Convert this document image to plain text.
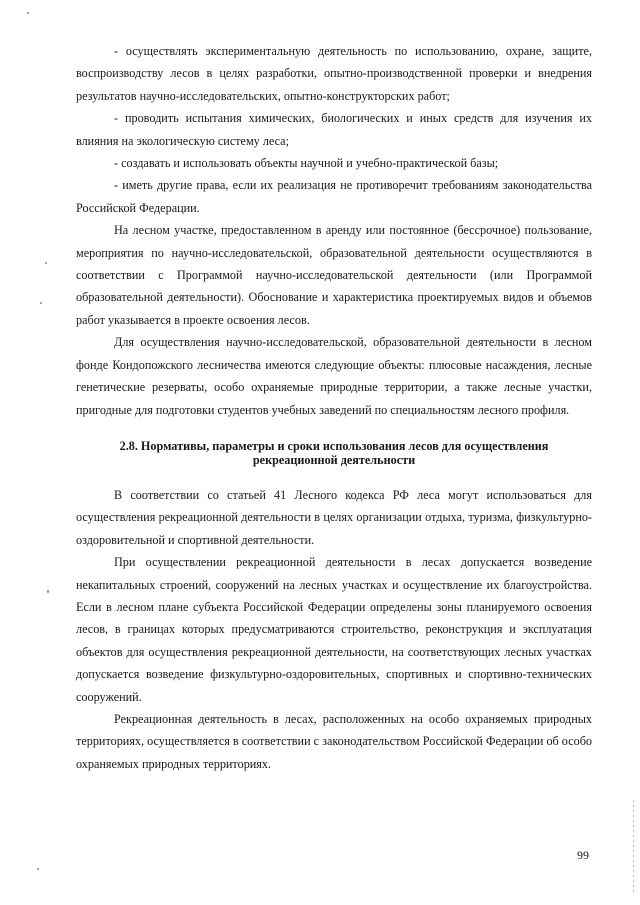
- осуществлять экспериментальную деятельность по использованию, охране, защите, воспроизводству лесов в целях разработки, опытно-производственной проверки и внедрения результатов научно-исследовательских, опытно-конструкторских работ;

- проводить испытания химических, биологических и иных средств для изучения их влияния на экологическую систему леса;

- создавать и использовать объекты научной и учебно-практической базы;

- иметь другие права, если их реализация не противоречит требованиям законодательства Российской Федерации.

На лесном участке, предоставленном в аренду или постоянное (бессрочное) пользование, мероприятия по научно-исследовательской, образовательной деятельности осуществляются в соответствии с Программой научно-исследовательской деятельности (или Программой образовательной деятельности). Обоснование и характеристика проектируемых видов и объемов работ указывается в проекте освоения лесов.

Для осуществления научно-исследовательской, образовательной деятельности в лесном фонде Кондопожского лесничества имеются следующие объекты: плюсовые насаждения, лесные генетические резерваты, особо охраняемые природные территории, а также лесные участки, пригодные для подготовки студентов учебных заведений по специальностям лесного профиля.

2.8. Нормативы, параметры и сроки использования лесов для осуществления
рекреационной деятельности

В соответствии со статьей 41 Лесного кодекса РФ леса могут использоваться для осуществления рекреационной деятельности в целях организации отдыха, туризма, физкультурно-оздоровительной и спортивной деятельности.

При осуществлении рекреационной деятельности в лесах допускается возведение некапитальных строений, сооружений на лесных участках и осуществление их благоустройства. Если в лесном плане субъекта Российской Федерации определены зоны планируемого освоения лесов, в границах которых предусматриваются строительство, реконструкция и эксплуатация объектов для осуществления рекреационной деятельности, на соответствующих лесных участках допускается возведение физкультурно-оздоровительных, спортивных и спортивно-технических сооружений.

Рекреационная деятельность в лесах, расположенных на особо охраняемых природных территориях, осуществляется в соответствии с законодательством Российской Федерации об особо охраняемых природных территориях.

99
